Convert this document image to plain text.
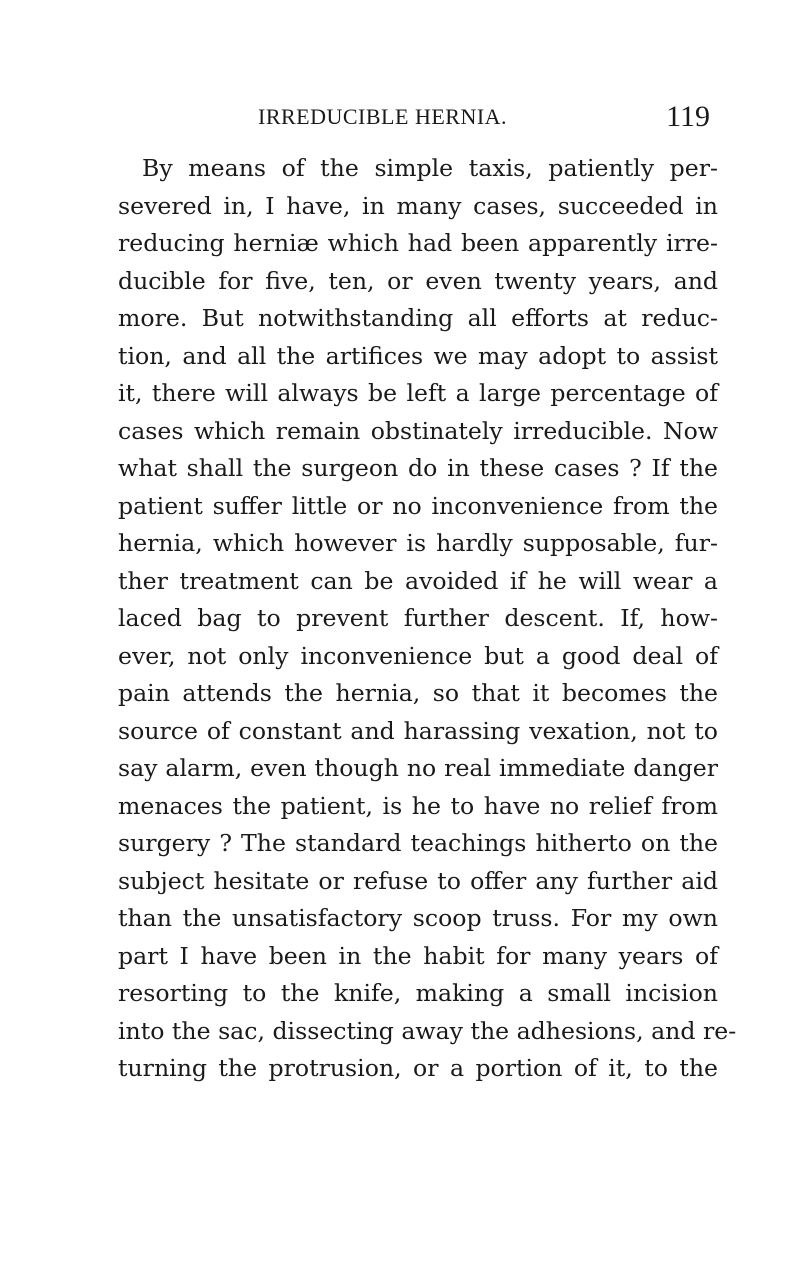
IRREDUCIBLE HERNIA.	119
By means of the simple taxis, patiently per-
severed in, I have, in many cases, succeeded in
reducing herniæ which had been apparently irre-
ducible for five, ten, or even twenty years, and
more. But notwithstanding all efforts at reduc-
tion, and all the artifices we may adopt to assist
it, there will always be left a large percentage of
cases which remain obstinately irreducible. Now
what shall the surgeon do in these cases ? If the
patient suffer little or no inconvenience from the
hernia, which however is hardly supposable, fur-
ther treatment can be avoided if he will wear a
laced bag to prevent further descent. If, how-
ever, not only inconvenience but a good deal of
pain attends the hernia, so that it becomes the
source of constant and harassing vexation, not to
say alarm, even though no real immediate danger
menaces the patient, is he to have no relief from
surgery ? The standard teachings hitherto on the
subject hesitate or refuse to offer any further aid
than the unsatisfactory scoop truss. For my own
part I have been in the habit for many years of
resorting to the knife, making a small incision
into the sac, dissecting away the adhesions, and re-
turning the protrusion, or a portion of it, to the
